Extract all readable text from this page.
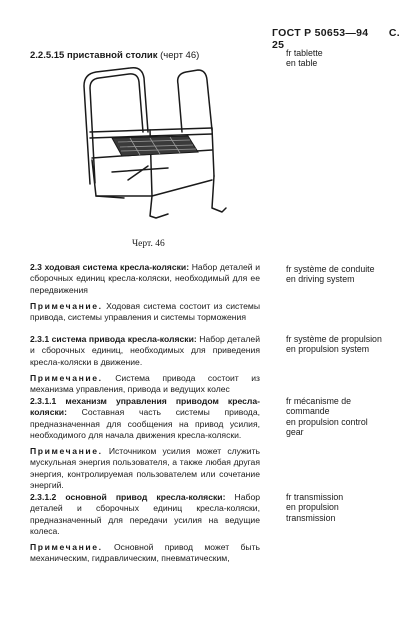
ГОСТ Р 50653—94 С. 25
2.2.5.15 приставной столик (черт 46)	fr tablette
en table
Черт. 46
2.3 ходовая система кресла-коляски: Набор деталей и сборочных единиц кресла-коляски, необходимый для ее передвижения
Примечание. Ходовая система состоит из системы привода, системы управления и системы торможения
fr système de conduite
en driving system
2.3.1 система привода кресла-коляски: Набор деталей и сборочных единиц, необходимых для приведения кресла-коляски в движение.
Примечание. Система привода состоит из механизма управления, привода и ведущих колес
fr système de propulsion
en propulsion system
2.3.1.1 механизм управления приводом кресла-коляски: Составная часть системы привода, предназначенная для сообщения на привод усилия, необходимого для начала движения кресла-коляски.
Примечание. Источником усилия может служить мускульная энергия пользователя, а также любая другая энергия, контролируемая пользователем или сочетание энергий.
fr mécanisme de commande
en propulsion control gear
2.3.1.2 основной привод кресла-коляски: Набор деталей и сборочных единиц кресла-коляски, предназначенный для передачи усилия на ведущие колеса.
Примечание. Основной привод может быть механическим, гидравлическим, пневматическим,
fr transmission
en propulsion transmission
